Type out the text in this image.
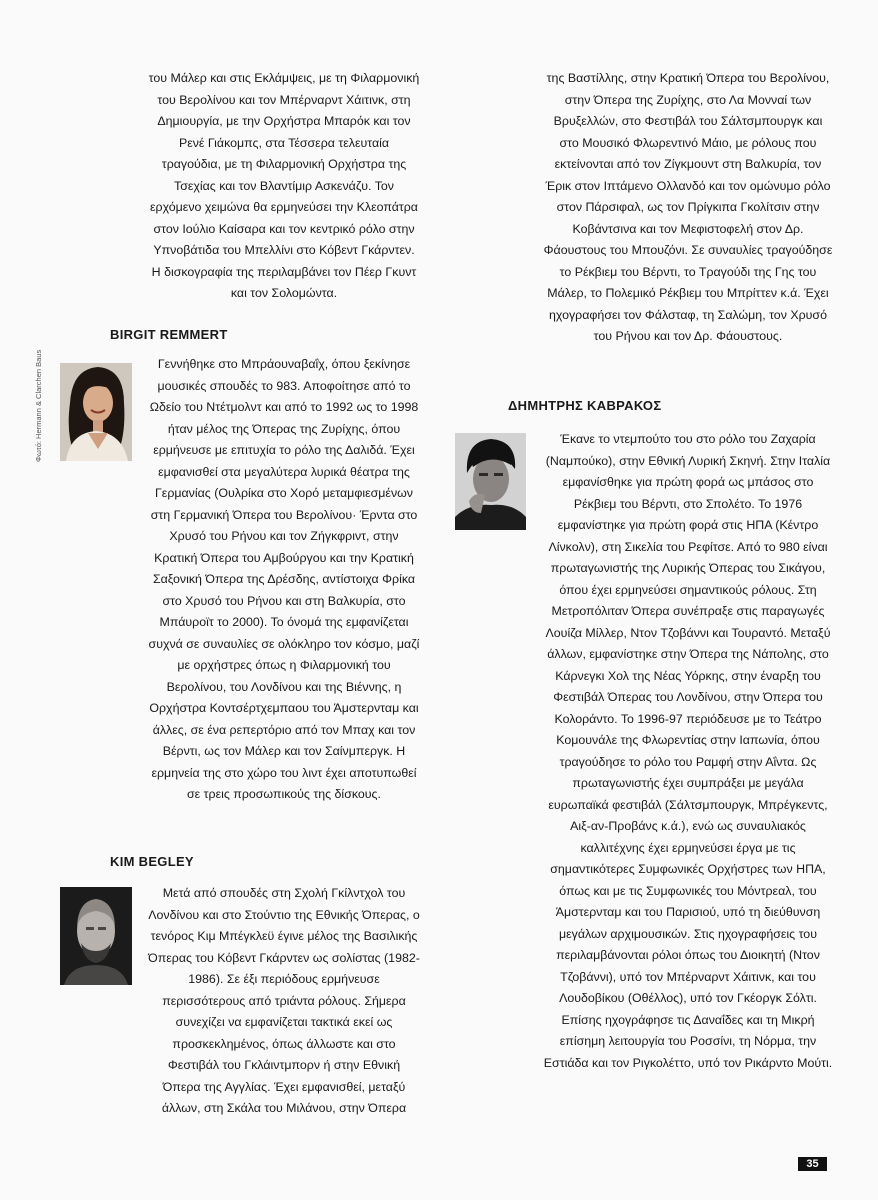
του Μάλερ και στις Εκλάμψεις, με τη Φιλαρμονική του Βερολίνου και τον Μπέρναρντ Χάιτινκ, στη Δημιουργία, με την Ορχήστρα Μπαρόκ και τον Ρενέ Γιάκομπς, στα Τέσσερα τελευταία τραγούδια, με τη Φιλαρμονική Ορχήστρα της Τσεχίας και τον Βλαντίμιρ Ασκενάζυ. Τον ερχόμενο χειμώνα θα ερμηνεύσει την Κλεοπάτρα στον Ιούλιο Καίσαρα και τον κεντρικό ρόλο στην Υπνοβάτιδα του Μπελλίνι στο Κόβεντ Γκάρντεν. Η δισκογραφία της περιλαμβάνει τον Πέερ Γκυντ και τον Σολομώντα.

BIRGIT REMMERT
Φωτό: Hermann & Clarchen Baus	Γεννήθηκε στο Μπράουναβαΐχ, όπου ξεκίνησε μουσικές σπουδές το 983. Αποφοίτησε από το Ωδείο του Ντέτμολντ και από το 1992 ως το 1998 ήταν μέλος της Όπερας της Ζυρίχης, όπου ερμήνευσε με επιτυχία το ρόλο της Δαλιδά. Έχει εμφανισθεί στα μεγαλύτερα λυρικά θέατρα της Γερμανίας (Ουλρίκα στο Χορό μεταμφιεσμένων στη Γερμανική Όπερα του Βερολίνου· Έρντα στο Χρυσό του Ρήνου και τον Ζήγκφριντ, στην Κρατική Όπερα του Αμβούργου και την Κρατική Σαξονική Όπερα της Δρέσδης, αντίστοιχα Φρίκα στο Χρυσό του Ρήνου και στη Βαλκυρία, στο Μπάυροϊτ το 2000). Το όνομά της εμφανίζεται συχνά σε συναυλίες σε ολόκληρο τον κόσμο, μαζί με ορχήστρες όπως η Φιλαρμονική του Βερολίνου, του Λονδίνου και της Βιέννης, η Ορχήστρα Κοντσέρτχεμπαου του Άμστερνταμ και άλλες, σε ένα ρεπερτόριο από τον Μπαχ και τον Βέρντι, ως τον Μάλερ και τον Σαίνμπεργκ. Η ερμηνεία της στο χώρο του λιντ έχει αποτυπωθεί σε τρεις προσωπικούς της δίσκους.

KIM BEGLEY

Μετά από σπουδές στη Σχολή Γκίλντχολ του Λονδίνου και στο Στούντιο της Εθνικής Όπερας, ο τενόρος Κιμ Μπέγκλεϋ έγινε μέλος της Βασιλικής Όπερας του Κόβεντ Γκάρντεν ως σολίστας (1982-1986). Σε έξι περιόδους ερμήνευσε περισσότερους από τριάντα ρόλους. Σήμερα συνεχίζει να εμφανίζεται τακτικά εκεί ως προσκεκλημένος, όπως άλλωστε και στο Φεστιβάλ του Γκλάιντμπορν ή στην Εθνική Όπερα της Αγγλίας. Έχει εμφανισθεί, μεταξύ άλλων, στη Σκάλα του Μιλάνου, στην Όπερα

της Βαστίλλης, στην Κρατική Όπερα του Βερολίνου, στην Όπερα της Ζυρίχης, στο Λα Μονναί των Βρυξελλών, στο Φεστιβάλ του Σάλτσμπουργκ και στο Μουσικό Φλωρεντινό Μάιο, με ρόλους που εκτείνονται από τον Ζίγκμουντ στη Βαλκυρία, τον Έρικ στον Ιπτάμενο Ολλανδό και τον ομώνυμο ρόλο στον Πάρσιφαλ, ως τον Πρίγκιπα Γκολίτσιν στην Κοβάντσινα και τον Μεφιστοφελή στον Δρ. Φάουστους του Μπουζόνι. Σε συναυλίες τραγούδησε το Ρέκβιεμ του Βέρντι, το Τραγούδι της Γης του Μάλερ, το Πολεμικό Ρέκβιεμ του Μπρίττεν κ.ά. Έχει ηχογραφήσει τον Φάλσταφ, τη Σαλώμη, τον Χρυσό του Ρήνου και τον Δρ. Φάουστους.

ΔΗΜΗΤΡΗΣ ΚΑΒΡΑΚΟΣ

Έκανε το ντεμπούτο του στο ρόλο του Ζαχαρία (Ναμπούκο), στην Εθνική Λυρική Σκηνή. Στην Ιταλία εμφανίσθηκε για πρώτη φορά ως μπάσος στο Ρέκβιεμ του Βέρντι, στο Σπολέτο. Το 1976 εμφανίστηκε για πρώτη φορά στις ΗΠΑ (Κέντρο Λίνκολν), στη Σικελία του Ρεφίτσε. Από το 980 είναι πρωταγωνιστής της Λυρικής Όπερας του Σικάγου, όπου έχει ερμηνεύσει σημαντικούς ρόλους. Στη Μετροπόλιταν Όπερα συνέπραξε στις παραγωγές Λουίζα Μίλλερ, Ντον Τζοβάννι και Τουραντό. Μεταξύ άλλων, εμφανίστηκε στην Όπερα της Νάπολης, στο Κάρνεγκι Χολ της Νέας Υόρκης, στην έναρξη του Φεστιβάλ Όπερας του Λονδίνου, στην Όπερα του Κολοράντο. Το 1996-97 περιόδευσε με το Τεάτρο Κομουνάλε της Φλωρεντίας στην Ιαπωνία, όπου τραγούδησε το ρόλο του Ραμφή στην Αΐντα. Ως πρωταγωνιστής έχει συμπράξει με μεγάλα ευρωπαϊκά φεστιβάλ (Σάλτσμπουργκ, Μπρέγκεντς, Αιξ-αν-Προβάνς κ.ά.), ενώ ως συναυλιακός καλλιτέχνης έχει ερμηνεύσει έργα με τις σημαντικότερες Συμφωνικές Ορχήστρες των ΗΠΑ, όπως και με τις Συμφωνικές του Μόντρεαλ, του Άμστερνταμ και του Παρισιού, υπό τη διεύθυνση μεγάλων αρχιμουσικών. Στις ηχογραφήσεις του περιλαμβάνονται ρόλοι όπως του Διοικητή (Ντον Τζοβάννι), υπό τον Μπέρναρντ Χάιτινκ, και του Λουδοβίκου (Οθέλλος), υπό τον Γκέοργκ Σόλτι. Επίσης ηχογράφησε τις Δαναΐδες και τη Μικρή επίσημη λειτουργία του Ροσσίνι, τη Νόρμα, την Εστιάδα και τον Ριγκολέττο, υπό τον Ρικάρντο Μούτι.

35
